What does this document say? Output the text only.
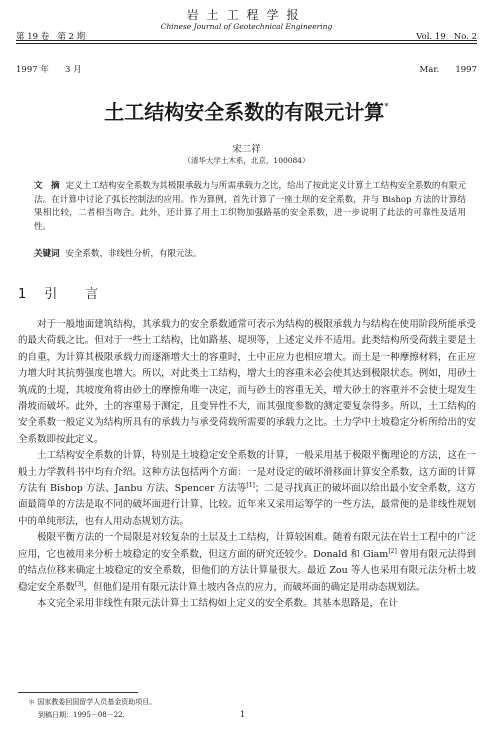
第 19 卷   第 2 期

1997 年      3 月

岩土工程学报
Chinese Journal of Geotechnical Engineering

Vol. 19   No. 2

Mar.      1997

土工结构安全系数的有限元计算*
宋二祥
（清华大学土木系，北京，100084）
文　摘 定义土工结构安全系数为其极限承载力与所需承载力之比，给出了按此定义计算土工结构安全系数的有限元法。在计算中讨论了弧长控制法的应用。作为算例，首先计算了一座土坝的安全系数，并与 Bishop 方法的计算结果相比较，二者相当吻合。此外，还计算了用土工织物加强路基的安全系数，进一步说明了此法的可靠性及适用性。
关键词 安全系数，非线性分析，有限元法。
1 引言

对于一般地面建筑结构，其承载力的安全系数通常可表示为结构的极限承载力与结构在使用阶段所能承受的最大荷载之比。但对于一些土工结构，比如路基、堤坝等，上述定义并不适用。此类结构所受荷载主要是土的自重，为计算其极限承载力而逐渐增大土的容重时，土中正应力也相应增大。而土是一种摩擦材料，在正应力增大时其抗剪强度也增大。所以，对此类土工结构，增大土的容重未必会使其达到极限状态。例如，用砂土筑成的土堤，其坡度角将由砂土的摩擦角唯一决定，而与砂土的容重无关，增大砂土的容重并不会使土堤发生滑坡而破坏。此外，土的容重易于测定，且变异性不大，而其强度参数的测定要复杂得多。所以，土工结构的安全系数一般定义为结构所具有的承载力与承受荷载所需要的承载力之比。土力学中土坡稳定分析所给出的安全系数即按此定义。

土工结构安全系数的计算，特别是土坡稳定安全系数的计算，一般采用基于极限平衡理论的方法，这在一般土力学教科书中均有介绍。这种方法包括两个方面：一是对设定的破坏滑移面计算安全系数，这方面的计算方法有 Bishop 方法、Janbu 方法、Spencer 方法等[1]；二是寻找真正的破坏面以给出最小安全系数，这方面最简单的方法是取不同的破坏面进行计算、比较。近年来又采用运筹学的一些方法，最常便的是非线性规划中的单纯形法，也有人用动态规划方法。

极限平衡方法的一个局限是对较复杂的土层及土工结构，计算较困难。随着有限元法在岩土工程中的广泛应用，它也被用来分析土坡稳定的安全系数，但这方面的研究还较少。Donald 和 Giam[2] 曾用有限元法得到的结点位移来确定土坡稳定的安全系数，但他们的方法计算量很大。最近 Zou 等人也采用有限元法分析土坡稳定安全系数[3]，但他们是用有限元法计算土坡内各点的应力，而破坏面的确定是用动态规划法。

本文完全采用非线性有限元法计算土工结构如上定义的安全系数。其基本思路是，在计

＊ 国家教委回国留学人员基金资助项目。
到稿日期：1995－08－22.	1
